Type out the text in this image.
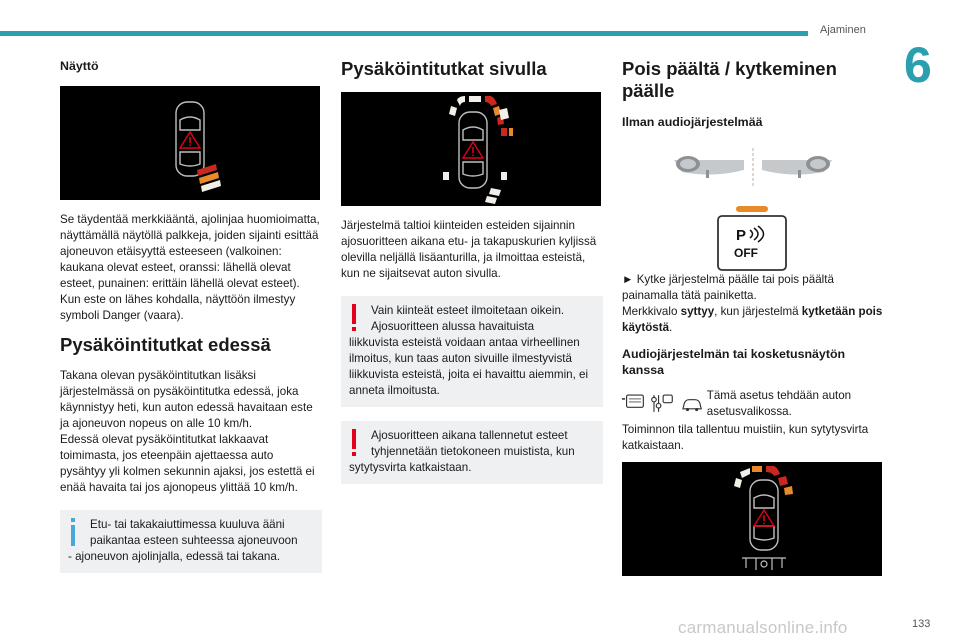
Ajaminen
6
carmanualsonline.info	133
Näyttö

Se täydentää merkkiääntä, ajolinjaa huomioimatta, näyttämällä näytöllä palkkeja, joiden sijainti esittää ajoneuvon etäisyyttä esteeseen (valkoinen: kaukana olevat esteet, oranssi: lähellä olevat esteet, punainen: erittäin lähellä olevat esteet).

Kun este on lähes kohdalla, näyttöön ilmestyy symboli Danger (vaara).

Pysäköintitutkat edessä

Takana olevan pysäköintitutkan lisäksi järjestelmässä on pysäköintitutka edessä, joka käynnistyy heti, kun auton edessä havaitaan este ja ajoneuvon nopeus on alle 10 km/h.

Edessä olevat pysäköintitutkat lakkaavat toimimasta, jos eteenpäin ajettaessa auto pysähtyy yli kolmen sekunnin ajaksi, jos estettä ei enää havaita tai jos ajonopeus ylittää 10 km/h.

Etu- tai takakaiuttimessa kuuluva ääni paikantaa esteen suhteessa ajoneuvoon
- ajoneuvon ajolinjalla, edessä tai takana.
Pysäköintitutkat sivulla

Järjestelmä taltioi kiinteiden esteiden sijainnin ajosuoritteen aikana etu- ja takapuskurien kyljissä olevilla neljällä lisäanturilla, ja ilmoittaa esteistä, kun ne sijaitsevat auton sivulla.

Vain kiinteät esteet ilmoitetaan oikein.
Ajosuoritteen alussa havaituista
liikkuvista esteistä voidaan antaa virheellinen ilmoitus, kun taas auton sivuille ilmestyvistä liikkuvista esteistä, joita ei havaittu aiemmin, ei anneta ilmoitusta.
Ajosuoritteen aikana tallennetut esteet
tyhjennetään tietokoneen muistista, kun
sytytysvirta katkaistaan.
Pois päältä / kytkeminen päälle
Ilman audiojärjestelmää
P
OFF

► Kytke järjestelmä päälle tai pois päältä painamalla tätä painiketta.

Merkkivalo syttyy, kun järjestelmä kytketään pois käytöstä.

Audiojärjestelmän tai kosketusnäytön kanssa
Tämä asetus tehdään auton asetusvalikossa.

Toiminnon tila tallentuu muistiin, kun sytytysvirta katkaistaan.
